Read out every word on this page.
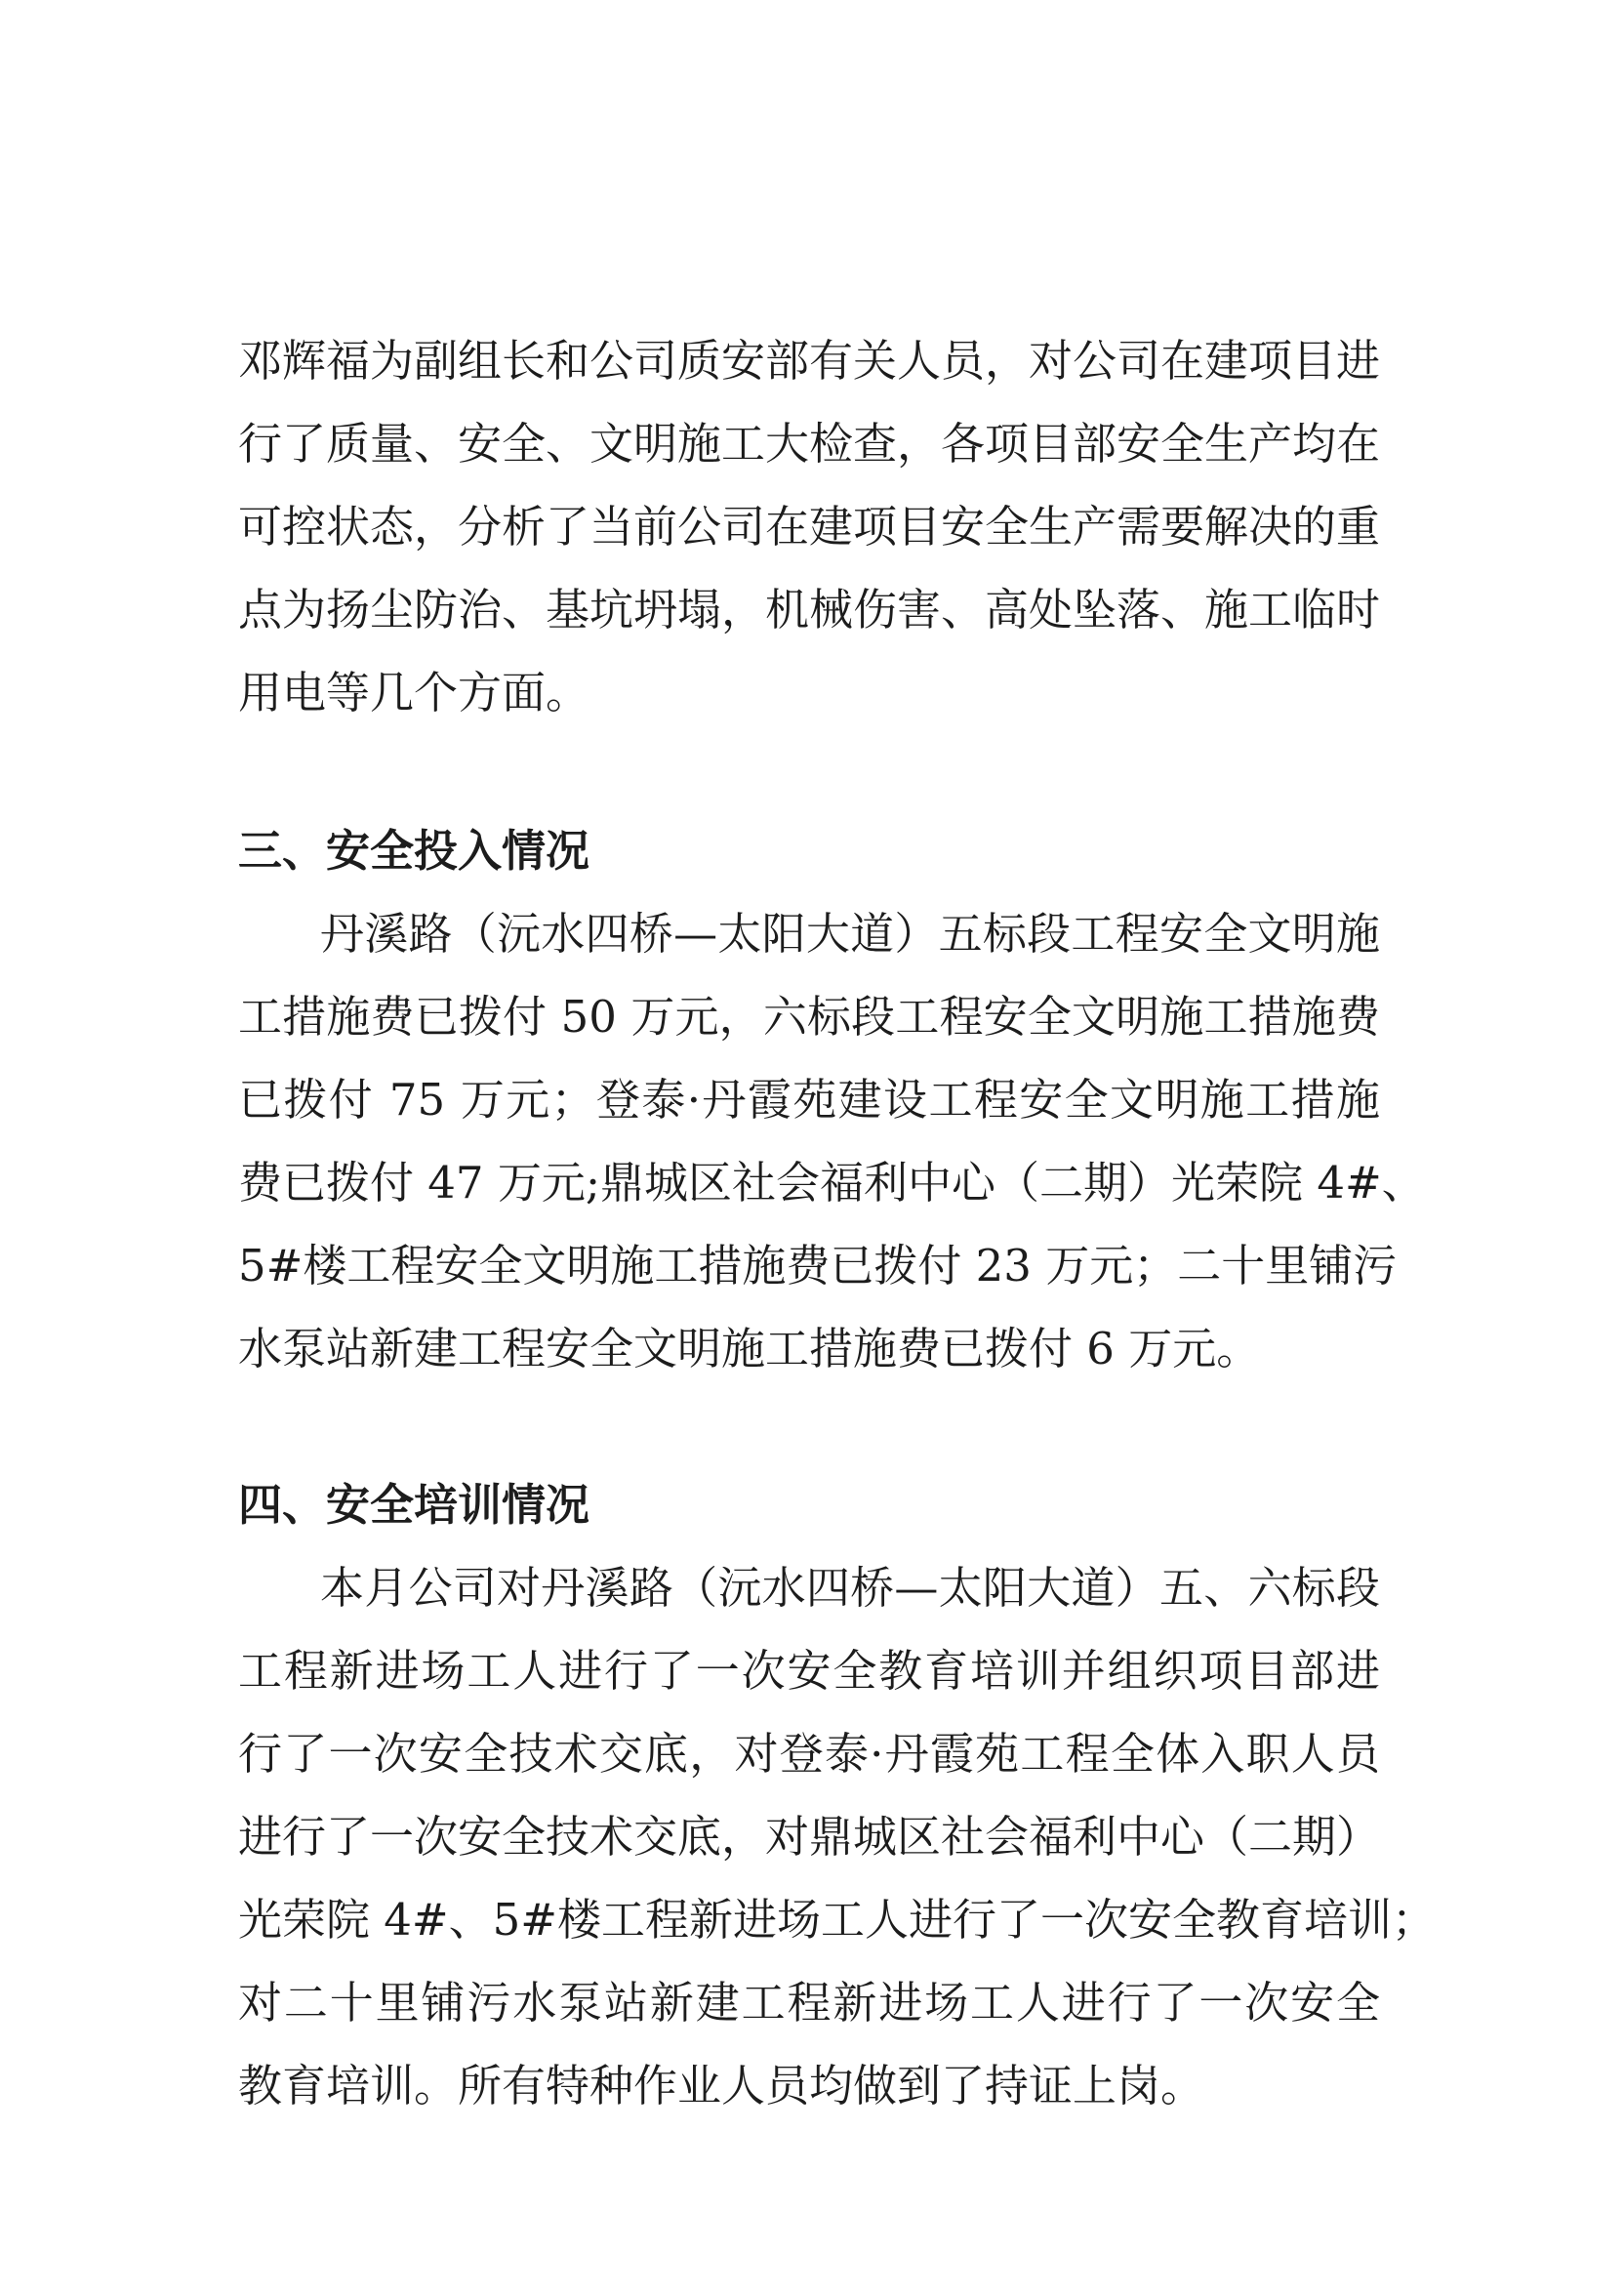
邓辉福为副组长和公司质安部有关人员，对公司在建项目进
行了质量、安全、文明施工大检查，各项目部安全生产均在
可控状态，分析了当前公司在建项目安全生产需要解决的重
点为扬尘防治、基坑坍塌，机械伤害、高处坠落、施工临时
用电等几个方面。
三、安全投入情况
丹溪路（沅水四桥—太阳大道）五标段工程安全文明施
工措施费已拨付 50 万元，六标段工程安全文明施工措施费
已拨付 75 万元；登泰·丹霞苑建设工程安全文明施工措施
费已拨付 47 万元;鼎城区社会福利中心（二期）光荣院 4#、
5#楼工程安全文明施工措施费已拨付 23 万元；二十里铺污
水泵站新建工程安全文明施工措施费已拨付 6 万元。
四、安全培训情况
本月公司对丹溪路（沅水四桥—太阳大道）五、六标段
工程新进场工人进行了一次安全教育培训并组织项目部进
行了一次安全技术交底，对登泰·丹霞苑工程全体入职人员
进行了一次安全技术交底，对鼎城区社会福利中心（二期）
光荣院 4#、5#楼工程新进场工人进行了一次安全教育培训；
对二十里铺污水泵站新建工程新进场工人进行了一次安全
教育培训。所有特种作业人员均做到了持证上岗。
